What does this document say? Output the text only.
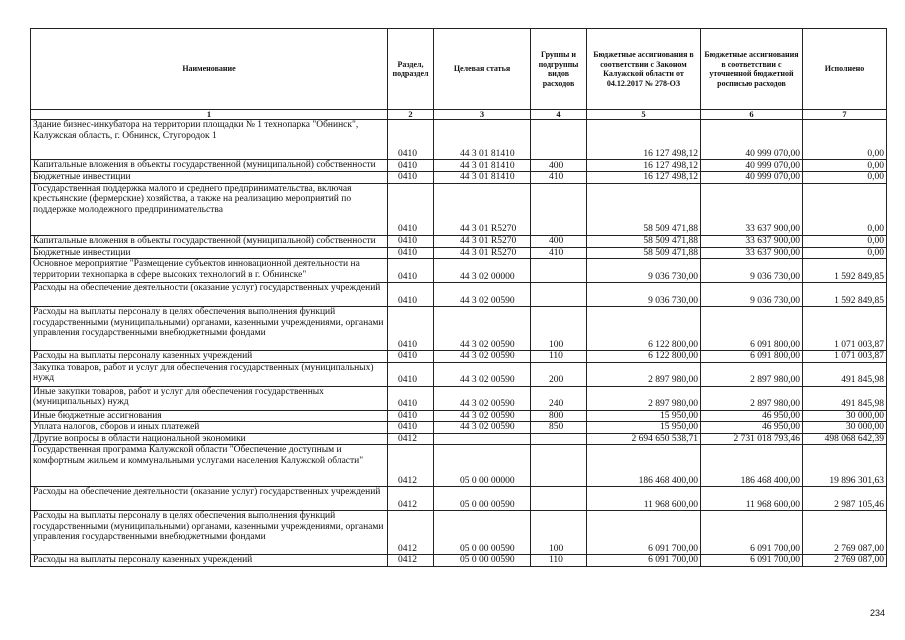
Наименование	Раздел, подраздел	Целевая статья	Группы и подгруппы видов расходов	Бюджетные ассигнования в соответствии с Законом Калужской области от 04.12.2017 № 278-ОЗ	Бюджетные ассигнования в соответствии с уточненной бюджетной росписью расходов	Исполнено
1	2	3	4	5	6	7
Здание бизнес-инкубатора на территории площадки № 1 технопарка "Обнинск", Калужская область, г. Обнинск, Стугородок 1	0410	44 3 01 81410		16 127 498,12	40 999 070,00	0,00
Капитальные вложения в объекты государственной (муниципальной) собственности	0410	44 3 01 81410	400	16 127 498,12	40 999 070,00	0,00
Бюджетные инвестиции	0410	44 3 01 81410	410	16 127 498,12	40 999 070,00	0,00
Государственная поддержка малого и среднего предпринимательства, включая крестьянские (фермерские) хозяйства, а также на реализацию мероприятий по поддержке молодежного предпринимательства	0410	44 3 01 R5270		58 509 471,88	33 637 900,00	0,00
Капитальные вложения в объекты государственной (муниципальной) собственности	0410	44 3 01 R5270	400	58 509 471,88	33 637 900,00	0,00
Бюджетные инвестиции	0410	44 3 01 R5270	410	58 509 471,88	33 637 900,00	0,00
Основное мероприятие "Размещение субъектов инновационной деятельности на территории технопарка в сфере высоких технологий в г. Обнинске"	0410	44 3 02 00000		9 036 730,00	9 036 730,00	1 592 849,85
Расходы на обеспечение деятельности (оказание услуг) государственных учреждений	0410	44 3 02 00590		9 036 730,00	9 036 730,00	1 592 849,85
Расходы на выплаты персоналу в целях обеспечения выполнения функций государственными (муниципальными) органами, казенными учреждениями, органами управления государственными внебюджетными фондами	0410	44 3 02 00590	100	6 122 800,00	6 091 800,00	1 071 003,87
Расходы на выплаты персоналу казенных учреждений	0410	44 3 02 00590	110	6 122 800,00	6 091 800,00	1 071 003,87
Закупка товаров, работ и услуг для обеспечения государственных (муниципальных) нужд	0410	44 3 02 00590	200	2 897 980,00	2 897 980,00	491 845,98
Иные закупки товаров, работ и услуг для обеспечения государственных (муниципальных) нужд	0410	44 3 02 00590	240	2 897 980,00	2 897 980,00	491 845,98
Иные бюджетные ассигнования	0410	44 3 02 00590	800	15 950,00	46 950,00	30 000,00
Уплата налогов, сборов и иных платежей	0410	44 3 02 00590	850	15 950,00	46 950,00	30 000,00
Другие вопросы в области национальной экономики	0412			2 694 650 538,71	2 731 018 793,46	498 068 642,39
Государственная программа Калужской области "Обеспечение доступным и комфортным жильем и коммунальными услугами населения Калужской области"	0412	05 0 00 00000		186 468 400,00	186 468 400,00	19 896 301,63
Расходы на обеспечение деятельности (оказание услуг) государственных учреждений	0412	05 0 00 00590		11 968 600,00	11 968 600,00	2 987 105,46
Расходы на выплаты персоналу в целях обеспечения выполнения функций государственными (муниципальными) органами, казенными учреждениями, органами управления государственными внебюджетными фондами	0412	05 0 00 00590	100	6 091 700,00	6 091 700,00	2 769 087,00
Расходы на выплаты персоналу казенных учреждений	0412	05 0 00 00590	110	6 091 700,00	6 091 700,00	2 769 087,00
234
